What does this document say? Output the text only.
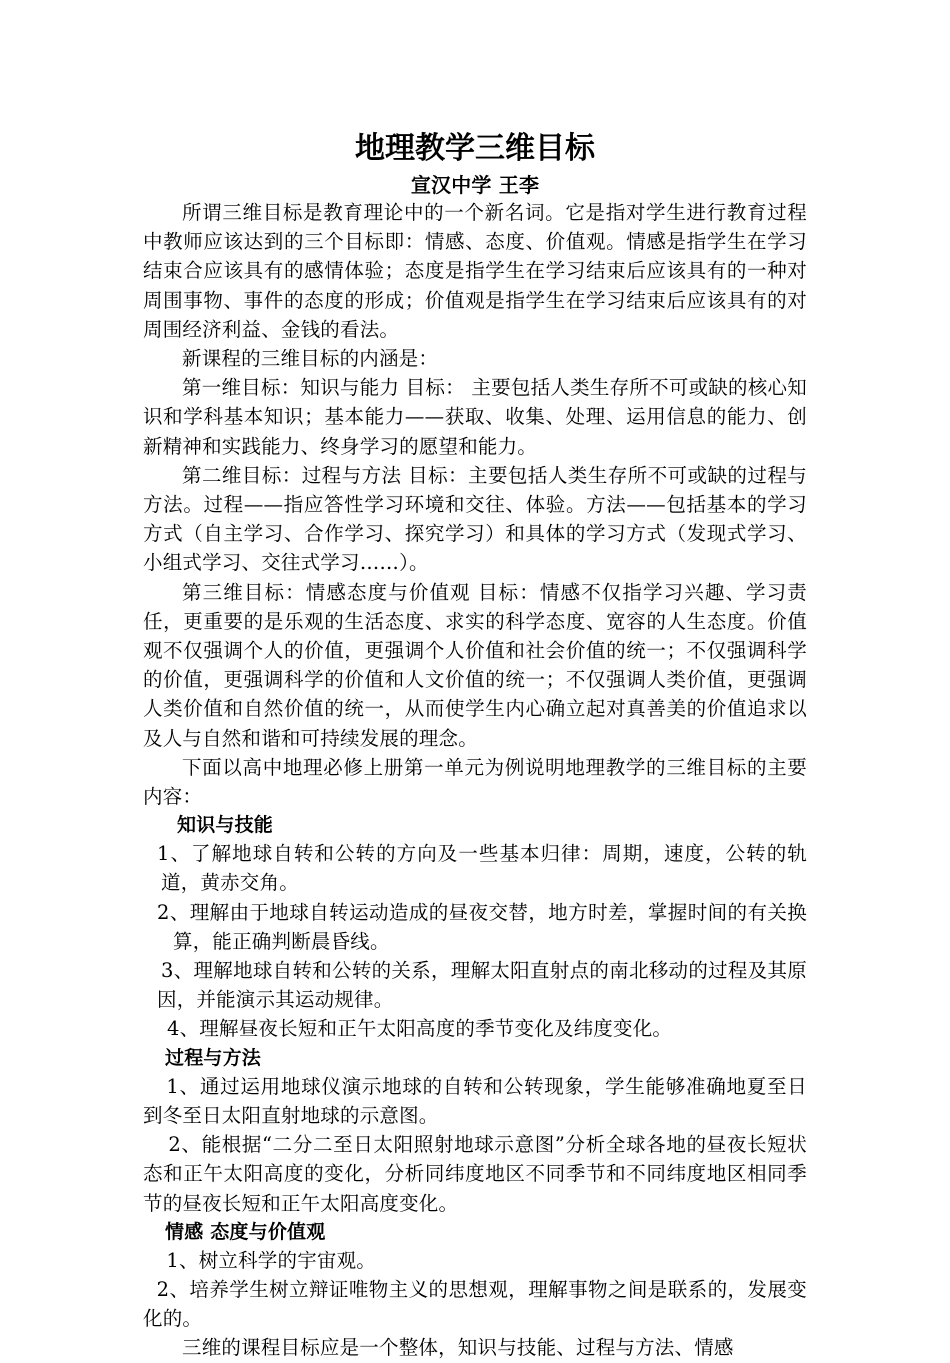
地理教学三维目标
宣汉中学 王李

所谓三维目标是教育理论中的一个新名词。它是指对学生进行教育过程中教师应该达到的三个目标即：情感、态度、价值观。情感是指学生在学习结束合应该具有的感情体验；态度是指学生在学习结束后应该具有的一种对周围事物、事件的态度的形成；价值观是指学生在学习结束后应该具有的对周围经济利益、金钱的看法。

新课程的三维目标的内涵是：

第一维目标：知识与能力 目标： 主要包括人类生存所不可或缺的核心知识和学科基本知识；基本能力——获取、收集、处理、运用信息的能力、创新精神和实践能力、终身学习的愿望和能力。

第二维目标：过程与方法 目标：主要包括人类生存所不可或缺的过程与方法。过程——指应答性学习环境和交往、体验。方法——包括基本的学习方式（自主学习、合作学习、探究学习）和具体的学习方式（发现式学习、小组式学习、交往式学习……）。

第三维目标：情感态度与价值观 目标：情感不仅指学习兴趣、学习责任，更重要的是乐观的生活态度、求实的科学态度、宽容的人生态度。价值观不仅强调个人的价值，更强调个人价值和社会价值的统一；不仅强调科学的价值，更强调科学的价值和人文价值的统一；不仅强调人类价值，更强调人类价值和自然价值的统一，从而使学生内心确立起对真善美的价值追求以及人与自然和谐和可持续发展的理念。

下面以高中地理必修上册第一单元为例说明地理教学的三维目标的主要内容：

知识与技能

1、了解地球自转和公转的方向及一些基本归律：周期，速度，公转的轨道，黄赤交角。

2、理解由于地球自转运动造成的昼夜交替，地方时差，掌握时间的有关换算，能正确判断晨昏线。

3、理解地球自转和公转的关系，理解太阳直射点的南北移动的过程及其原因，并能演示其运动规律。

4、理解昼夜长短和正午太阳高度的季节变化及纬度变化。

过程与方法

1、通过运用地球仪演示地球的自转和公转现象，学生能够准确地夏至日到冬至日太阳直射地球的示意图。

2、能根据“二分二至日太阳照射地球示意图”分析全球各地的昼夜长短状态和正午太阳高度的变化，分析同纬度地区不同季节和不同纬度地区相同季节的昼夜长短和正午太阳高度变化。

情感 态度与价值观

1、树立科学的宇宙观。

2、培养学生树立辩证唯物主义的思想观，理解事物之间是联系的，发展变化的。

三维的课程目标应是一个整体，知识与技能、过程与方法、情感
